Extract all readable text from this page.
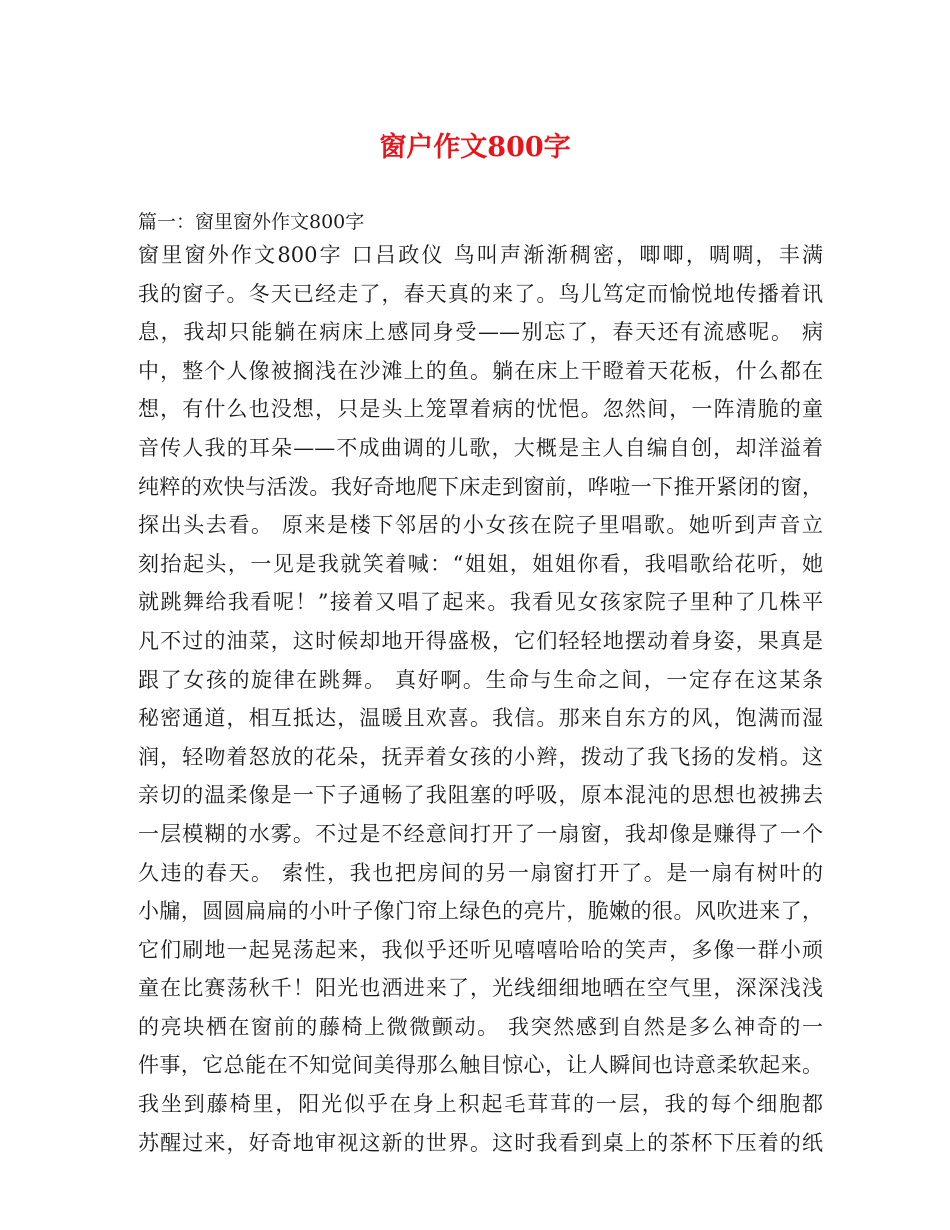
窗户作文800字

篇一：窗里窗外作文800字

窗里窗外作文800字 口吕政仪 鸟叫声渐渐稠密，唧唧，啁啁，丰满
我的窗子。冬天已经走了，春天真的来了。鸟儿笃定而愉悦地传播着讯
息，我却只能躺在病床上感同身受——别忘了，春天还有流感呢。 病
中，整个人像被搁浅在沙滩上的鱼。躺在床上干瞪着天花板，什么都在
想，有什么也没想，只是头上笼罩着病的忧悒。忽然间，一阵清脆的童
音传人我的耳朵——不成曲调的儿歌，大概是主人自编自创，却洋溢着
纯粹的欢快与活泼。我好奇地爬下床走到窗前，哗啦一下推开紧闭的窗，
探出头去看。 原来是楼下邻居的小女孩在院子里唱歌。她听到声音立
刻抬起头，一见是我就笑着喊：“姐姐，姐姐你看，我唱歌给花听，她
就跳舞给我看呢！”接着又唱了起来。我看见女孩家院子里种了几株平
凡不过的油菜，这时候却地开得盛极，它们轻轻地摆动着身姿，果真是
跟了女孩的旋律在跳舞。 真好啊。生命与生命之间，一定存在这某条
秘密通道，相互抵达，温暖且欢喜。我信。那来自东方的风，饱满而湿
润，轻吻着怒放的花朵，抚弄着女孩的小辫，拨动了我飞扬的发梢。这
亲切的温柔像是一下子通畅了我阻塞的呼吸，原本混沌的思想也被拂去
一层模糊的水雾。不过是不经意间打开了一扇窗，我却像是赚得了一个
久违的春天。 索性，我也把房间的另一扇窗打开了。是一扇有树叶的
小牖，圆圆扁扁的小叶子像门帘上绿色的亮片，脆嫩的很。风吹进来了，
它们刷地一起晃荡起来，我似乎还听见嘻嘻哈哈的笑声，多像一群小顽
童在比赛荡秋千！阳光也洒进来了，光线细细地晒在空气里，深深浅浅
的亮块栖在窗前的藤椅上微微颤动。 我突然感到自然是多么神奇的一
件事，它总能在不知觉间美得那么触目惊心，让人瞬间也诗意柔软起来。
我坐到藤椅里，阳光似乎在身上积起毛茸茸的一层，我的每个细胞都
苏醒过来，好奇地审视这新的世界。这时我看到桌上的茶杯下压着的纸
